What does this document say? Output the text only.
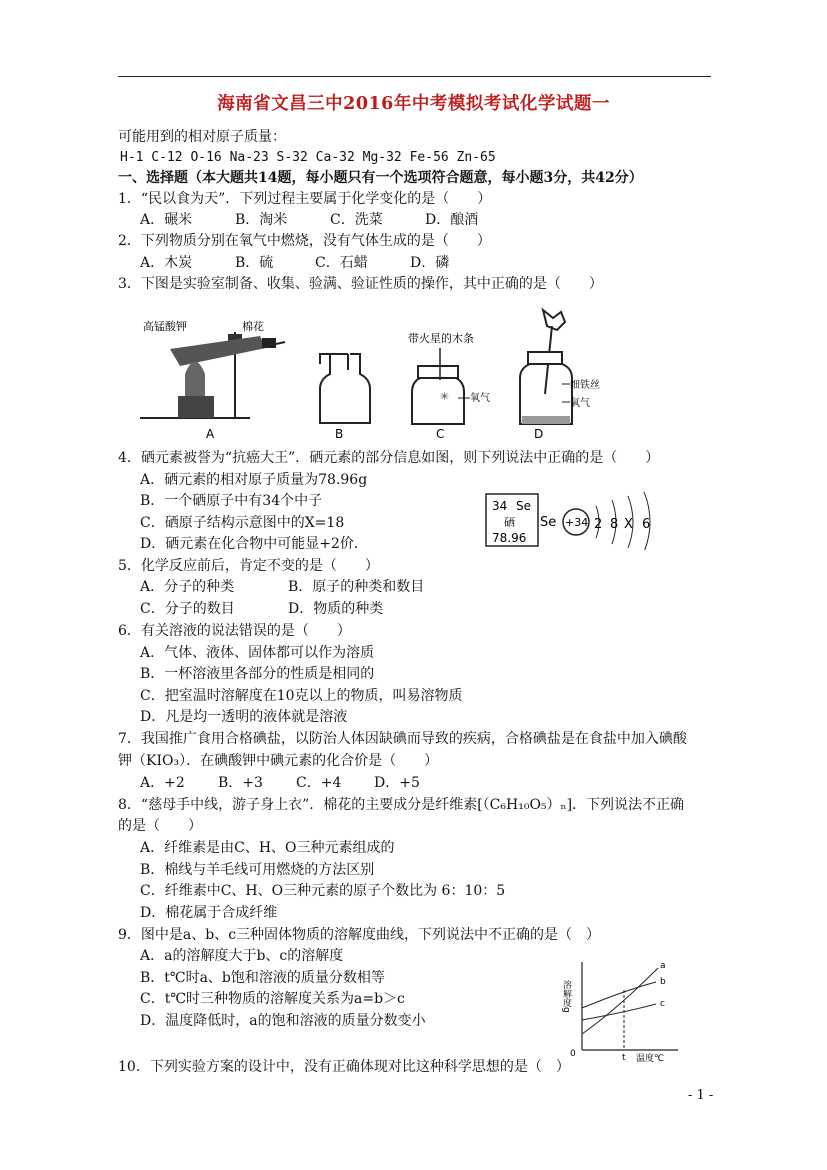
海南省文昌三中2016年中考模拟考试化学试题一
可能用到的相对原子质量：
H-1 C-12 O-16 Na-23 S-32 Ca-32 Mg-32 Fe-56 Zn-65
一、选择题（本大题共14题，每小题只有一个选项符合题意，每小题3分，共42分）
1．“民以食为天”．下列过程主要属于化学变化的是（　　）
A．碾米	B．淘米	C．洗菜	D．酿酒
2．下列物质分别在氧气中燃烧，没有气体生成的是（　　）
A．木炭	B．硫	C．石蜡	D．磷
3．下图是实验室制备、收集、验满、验证性质的操作，其中正确的是（　　）
高锰酸钾	棉花
A	B
带火星的木条
✳ 氧气
C
细铁丝
氧气
D
4．硒元素被誉为“抗癌大王”．硒元素的部分信息如图，则下列说法中正确的是（　　）
A．硒元素的相对原子质量为78.96g
B．一个硒原子中有34个中子
C．硒原子结构示意图中的X=18
D．硒元素在化合物中可能显+2价．
34 Se
硒
78.96
Se +34 2 8 X 6
5．化学反应前后，肯定不变的是（　　）
A．分子的种类	B．原子的种类和数目
C．分子的数目	D．物质的种类
6．有关溶液的说法错误的是（　　）
A．气体、液体、固体都可以作为溶质
B．一杯溶液里各部分的性质是相同的
C．把室温时溶解度在10克以上的物质，叫易溶物质
D．凡是均一透明的液体就是溶液
7．我国推广食用合格碘盐，以防治人体因缺碘而导致的疾病，合格碘盐是在食盐中加入碘酸
钾（KIO₃）．在碘酸钾中碘元素的化合价是（　　）
A．+2 B．+3 C．+4 D．+5
8．“慈母手中线，游子身上衣”．棉花的主要成分是纤维素[（C₆H₁₀O₅）ₙ]．下列说法不正确
的是（　　）
A．纤维素是由C、H、O三种元素组成的
B．棉线与羊毛线可用燃烧的方法区别
C．纤维素中C、H、O三种元素的原子个数比为 6：10：5
D．棉花属于合成纤维
9．图中是a、b、c三种固体物质的溶解度曲线，下列说法中不正确的是（　）
A．a的溶解度大于b、c的溶解度
B．t℃时a、b饱和溶液的质量分数相等
C．t℃时三种物质的溶解度关系为a=b＞c
D．温度降低时，a的饱和溶液的质量分数变小
溶解度g
0	t 温度℃
a
b
c
10．下列实验方案的设计中，没有正确体现对比这种科学思想的是（　）
- 1 -
